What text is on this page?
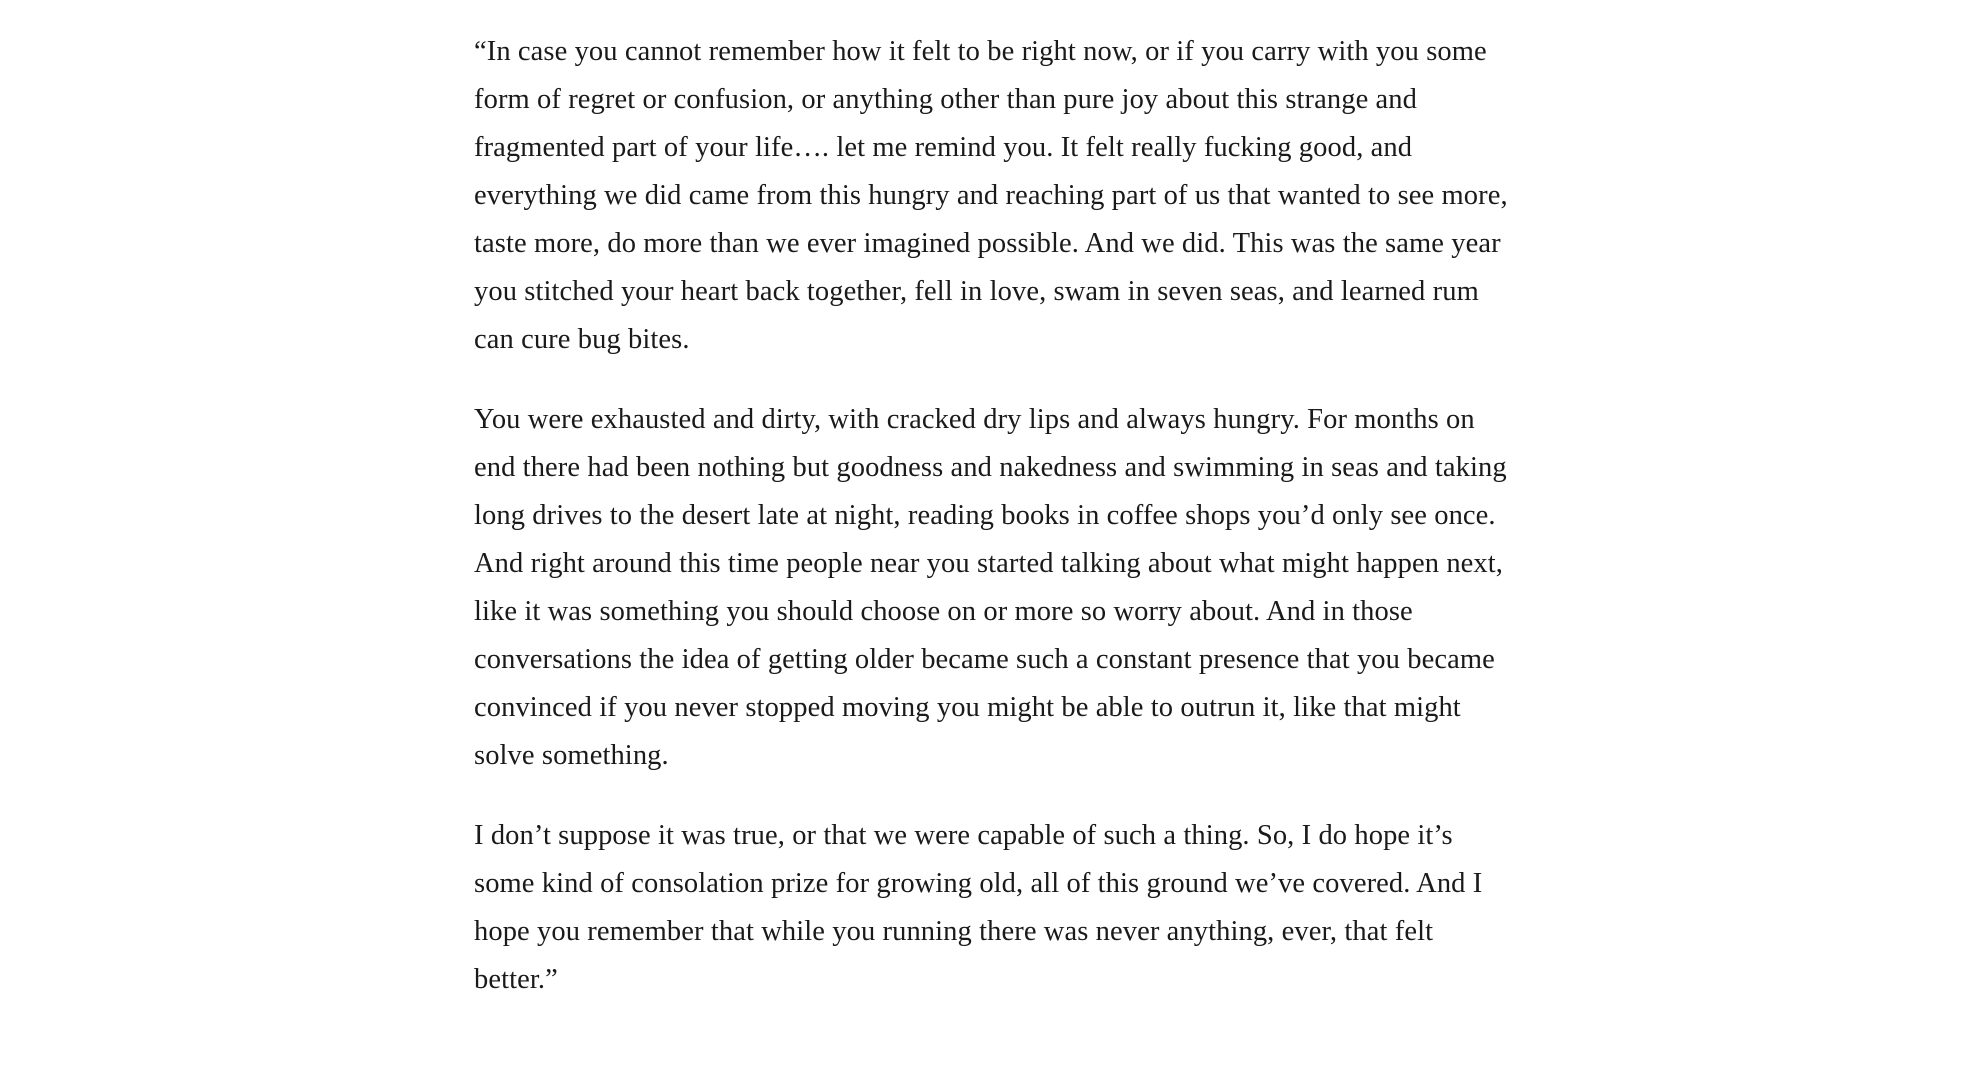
“In case you cannot remember how it felt to be right now, or if you carry with you some form of regret or confusion, or anything other than pure joy about this strange and fragmented part of your life…. let me remind you. It felt really fucking good, and everything we did came from this hungry and reaching part of us that wanted to see more, taste more, do more than we ever imagined possible. And we did. This was the same year you stitched your heart back together, fell in love, swam in seven seas, and learned rum can cure bug bites.

You were exhausted and dirty, with cracked dry lips and always hungry. For months on end there had been nothing but goodness and nakedness and swimming in seas and taking long drives to the desert late at night, reading books in coffee shops you’d only see once. And right around this time people near you started talking about what might happen next, like it was something you should choose on or more so worry about. And in those conversations the idea of getting older became such a constant presence that you became convinced if you never stopped moving you might be able to outrun it, like that might solve something.

I don’t suppose it was true, or that we were capable of such a thing. So, I do hope it’s some kind of consolation prize for growing old, all of this ground we’ve covered. And I hope you remember that while you running there was never anything, ever, that felt better.”
